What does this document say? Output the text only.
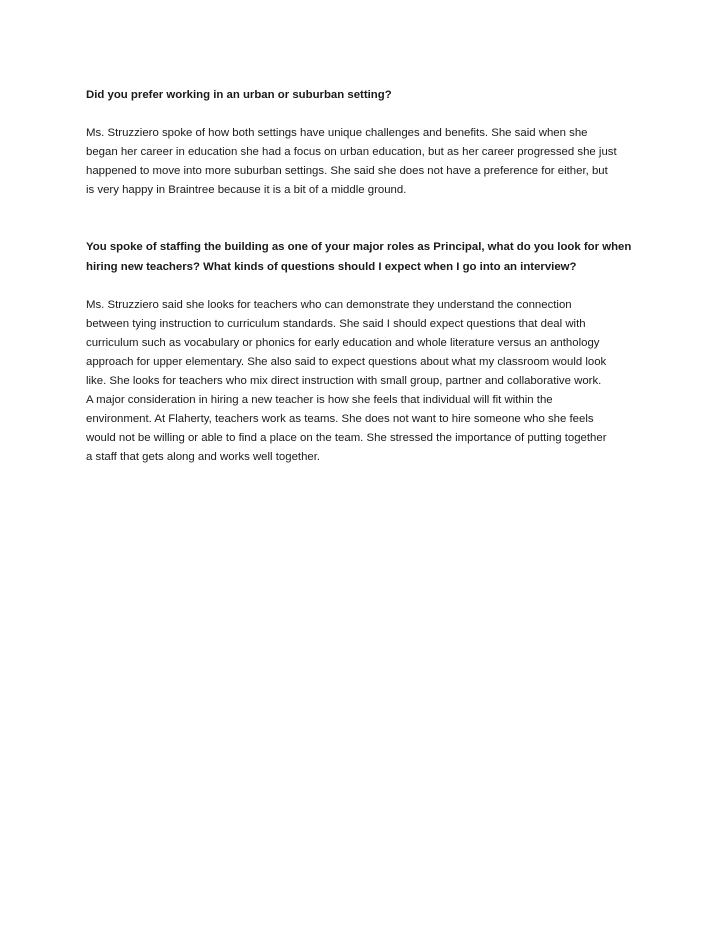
Did you prefer working in an urban or suburban setting?

Ms. Struzziero spoke of how both settings have unique challenges and benefits. She said when she
began her career in education she had a focus on urban education, but as her career progressed she just
happened to move into more suburban settings. She said she does not have a preference for either, but
is very happy in Braintree because it is a bit of a middle ground.

You spoke of staffing the building as one of your major roles as Principal, what do you look for when
hiring new teachers? What kinds of questions should I expect when I go into an interview?

Ms. Struzziero said she looks for teachers who can demonstrate they understand the connection
between tying instruction to curriculum standards. She said I should expect questions that deal with
curriculum such as vocabulary or phonics for early education and whole literature versus an anthology
approach for upper elementary. She also said to expect questions about what my classroom would look
like. She looks for teachers who mix direct instruction with small group, partner and collaborative work.
A major consideration in hiring a new teacher is how she feels that individual will fit within the
environment. At Flaherty, teachers work as teams. She does not want to hire someone who she feels
would not be willing or able to find a place on the team. She stressed the importance of putting together
a staff that gets along and works well together.
